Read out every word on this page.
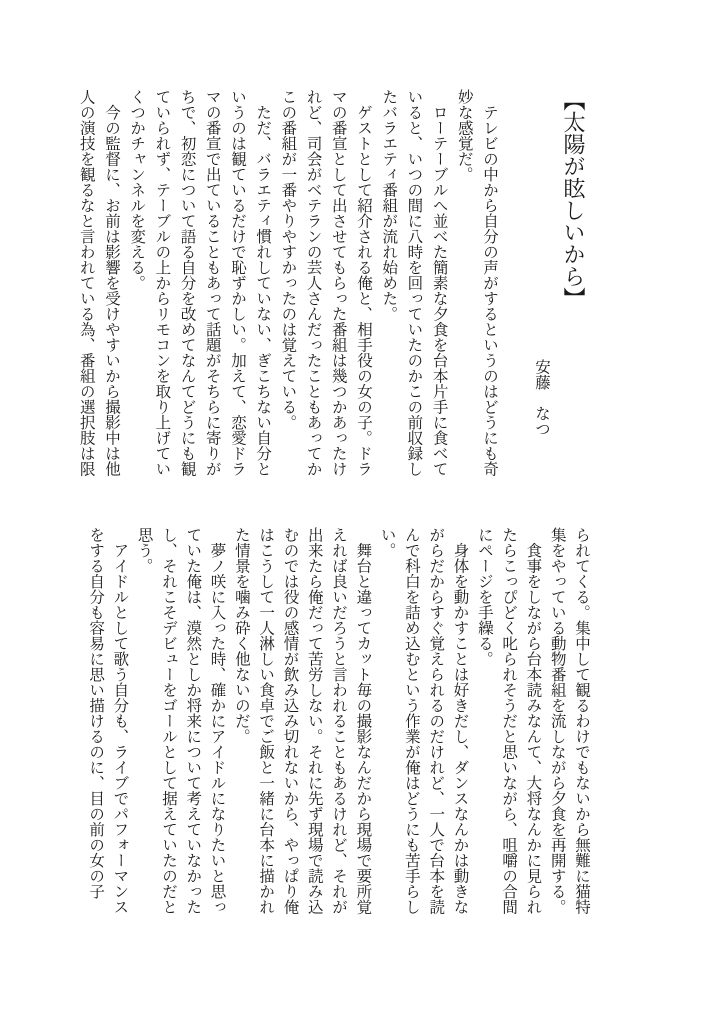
【太陽が眩しいから】
安藤　なつ

　テレビの中から自分の声がするというのはどうにも奇妙な感覚だ。

　ローテーブルへ並べた簡素な夕食を台本片手に食べていると、いつの間に八時を回っていたのかこの前収録したバラエティ番組が流れ始めた。

　ゲストとして紹介される俺と、相手役の女の子。ドラマの番宣として出させてもらった番組は幾つかあったけれど、司会がベテランの芸人さんだったこともあってかこの番組が一番やりやすかったのは覚えている。

　ただ、バラエティ慣れしていない、ぎこちない自分というのは観ているだけで恥ずかしい。加えて、恋愛ドラマの番宣で出ていることもあって話題がそちらに寄りがちで、初恋について語る自分を改めてなんてどうにも観ていられず、テーブルの上からリモコンを取り上げていくつかチャンネルを変える。

　今の監督に、お前は影響を受けやすいから撮影中は他人の演技を観るなと言われている為、番組の選択肢は限

られてくる。集中して観るわけでもないから無難に猫特集をやっている動物番組を流しながら夕食を再開する。

　食事をしながら台本読みなんて、大将なんかに見られたらこっぴどく叱られそうだと思いながら、咀嚼の合間にページを手繰る。

　身体を動かすことは好きだし、ダンスなんかは動きながらだからすぐ覚えられるのだけれど、一人で台本を読んで科白を詰め込むという作業が俺はどうにも苦手らしい。

　舞台と違ってカット毎の撮影なんだから現場で要所覚えれば良いだろうと言われることもあるけれど、それが出来たら俺だって苦労しない。それに先ず現場で読み込むのでは役の感情が飲み込み切れないから、やっぱり俺はこうして一人淋しい食卓でご飯と一緒に台本に描かれた情景を噛み砕く他ないのだ。

　夢ノ咲に入った時、確かにアイドルになりたいと思っていた俺は、漠然としか将来について考えていなかったし、それこそデビューをゴールとして据えていたのだと思う。

　アイドルとして歌う自分も、ライブでパフォーマンスをする自分も容易に思い描けるのに、目の前の女の子
